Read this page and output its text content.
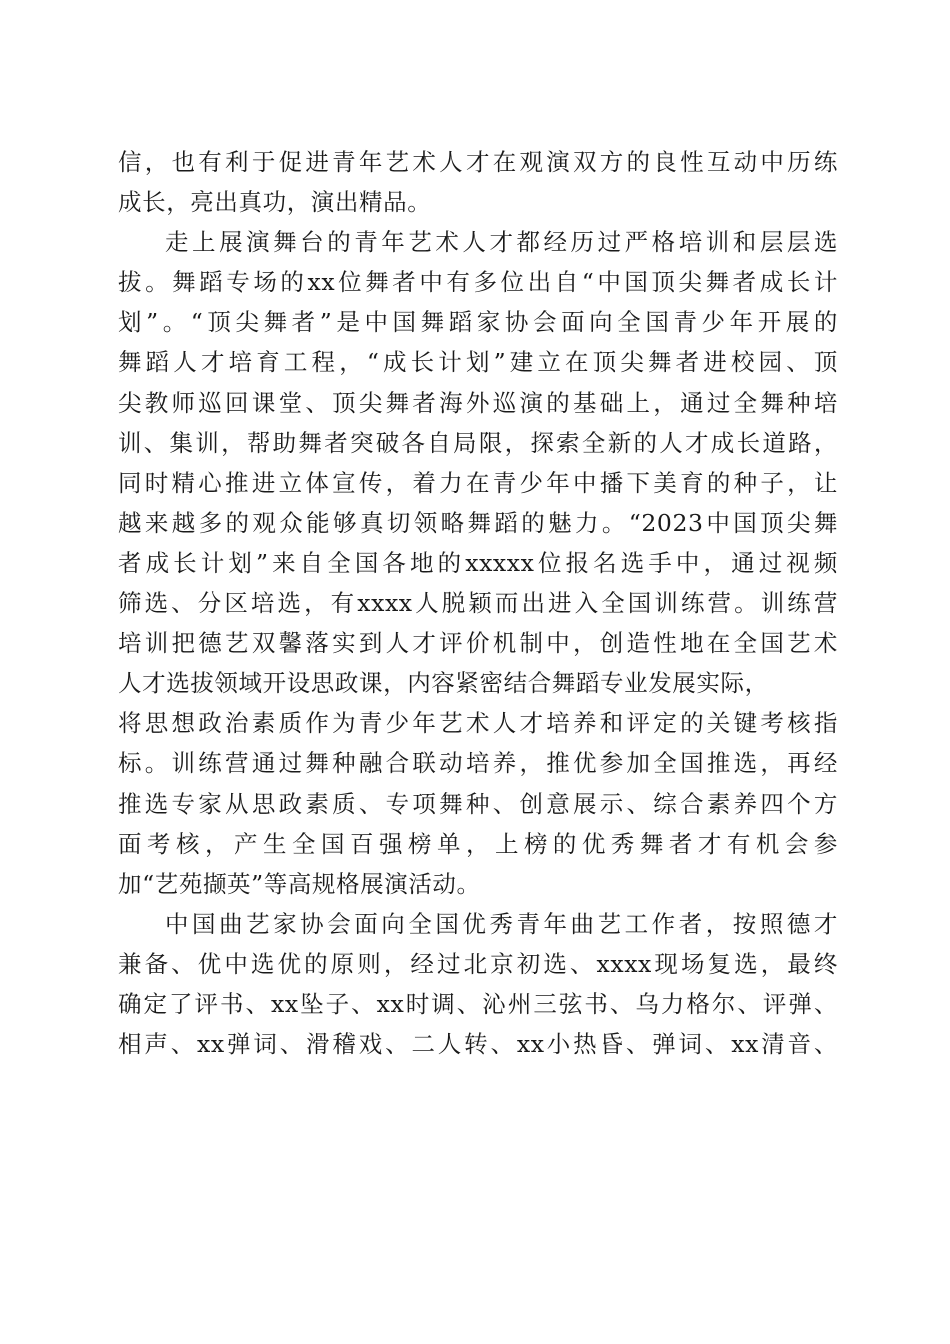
信，也有利于促进青年艺术人才在观演双方的良性互动中历练
成长，亮出真功，演出精品。
走上展演舞台的青年艺术人才都经历过严格培训和层层选
拔。舞蹈专场的xx位舞者中有多位出自“中国顶尖舞者成长计
划”。“顶尖舞者”是中国舞蹈家协会面向全国青少年开展的
舞蹈人才培育工程，“成长计划”建立在顶尖舞者进校园、顶
尖教师巡回课堂、顶尖舞者海外巡演的基础上，通过全舞种培
训、集训，帮助舞者突破各自局限，探索全新的人才成长道路，
同时精心推进立体宣传，着力在青少年中播下美育的种子，让
越来越多的观众能够真切领略舞蹈的魅力。“2023中国顶尖舞
者成长计划”来自全国各地的xxxxx位报名选手中，通过视频
筛选、分区培选，有xxxx人脱颖而出进入全国训练营。训练营
培训把德艺双馨落实到人才评价机制中，创造性地在全国艺术
人才选拔领域开设思政课，内容紧密结合舞蹈专业发展实际，
将思想政治素质作为青少年艺术人才培养和评定的关键考核指
标。训练营通过舞种融合联动培养，推优参加全国推选，再经
推选专家从思政素质、专项舞种、创意展示、综合素养四个方
面考核，产生全国百强榜单，上榜的优秀舞者才有机会参
加“艺苑撷英”等高规格展演活动。
中国曲艺家协会面向全国优秀青年曲艺工作者，按照德才
兼备、优中选优的原则，经过北京初选、xxxx现场复选，最终
确定了评书、xx坠子、xx时调、沁州三弦书、乌力格尔、评弹、
相声、xx弹词、滑稽戏、二人转、xx小热昏、弹词、xx清音、
